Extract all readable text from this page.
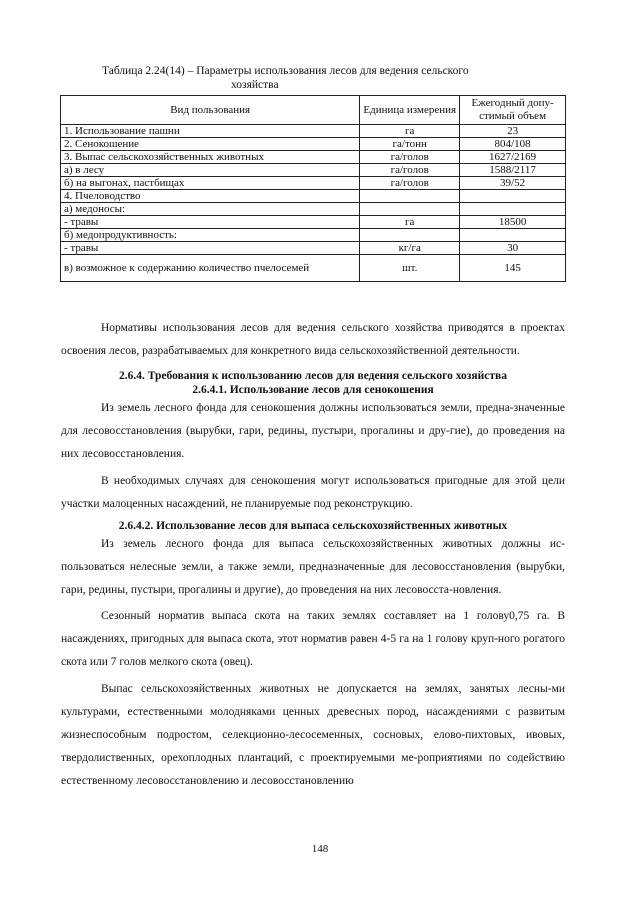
Таблица 2.24(14) – Параметры использования лесов для ведения сельского
хозяйства
Вид пользования	Единица измерения	Ежегодный допу-стимый объем
1. Использование пашни	га	23
2. Сенокошение	га/тонн	804/108
3. Выпас сельскохозяйственных животных	га/голов	1627/2169
а) в лесу	га/голов	1588/2117
б) на выгонах, пастбищах	га/голов	39/52
4. Пчеловодство		
а) медоносы:		
- травы	га	18500
б) медопродуктивность:		
- травы	кг/га	30
в) возможное к содержанию количество пчелосемей	шт.	145

Нормативы использования лесов для ведения сельского хозяйства приводятся в проектах освоения лесов, разрабатываемых для конкретного вида сельскохозяйственной деятельности.

2.6.4. Требования к использованию лесов для ведения сельского хозяйства

2.6.4.1. Использование лесов для сенокошения

Из земель лесного фонда для сенокошения должны использоваться земли, предна-значенные для лесовосстановления (вырубки, гари, редины, пустыри, прогалины и дру-гие), до проведения на них лесовосстановления.

В необходимых случаях для сенокошения могут использоваться пригодные для этой цели участки малоценных насаждений, не планируемые под реконструкцию.

2.6.4.2. Использование лесов для выпаса сельскохозяйственных животных

Из земель лесного фонда для выпаса сельскохозяйственных животных должны ис-пользоваться нелесные земли, а также земли, предназначенные для лесовосстановления (вырубки, гари, редины, пустыри, прогалины и другие), до проведения на них лесовосста-новления.

Сезонный норматив выпаса скота на таких землях составляет на 1 голову0,75 га. В насаждениях, пригодных для выпаса скота, этот норматив равен 4-5 га на 1 голову круп-ного рогатого скота или 7 голов мелкого скота (овец).

Выпас сельскохозяйственных животных не допускается на землях, занятых лесны-ми культурами, естественными молодняками ценных древесных пород, насаждениями с развитым жизнеспособным подростом, селекционно-лесосеменных, сосновых, елово-пихтовых, ивовых, твердолиственных, орехоплодных плантаций, с проектируемыми ме-роприятиями по содействию естественному лесовосстановлению и лесовосстановлению

148
